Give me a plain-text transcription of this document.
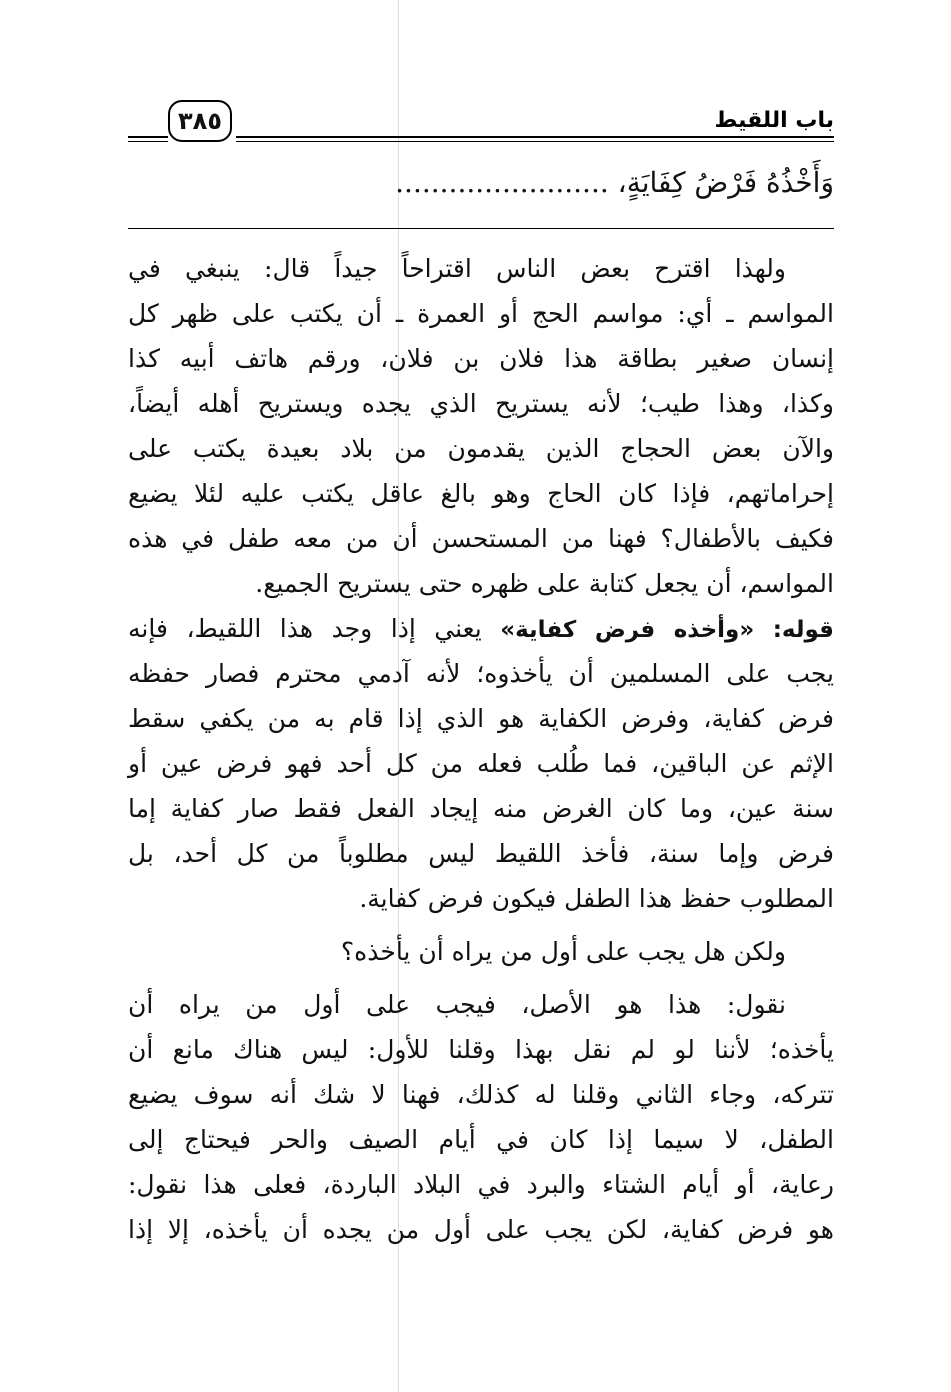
باب اللقيط
٣٨٥
وَأَخْذُهُ فَرْضُ كِفَايَةٍ، ........................
ولهذا اقترح بعض الناس اقتراحاً جيداً قال: ينبغي في
المواسم ـ أي: مواسم الحج أو العمرة ـ أن يكتب على ظهر كل
إنسان صغير بطاقة هذا فلان بن فلان، ورقم هاتف أبيه كذا
وكذا، وهذا طيب؛ لأنه يستريح الذي يجده ويستريح أهله أيضاً،
والآن بعض الحجاج الذين يقدمون من بلاد بعيدة يكتب على
إحراماتهم، فإذا كان الحاج وهو بالغ عاقل يكتب عليه لئلا يضيع
فكيف بالأطفال؟ فهنا من المستحسن أن من معه طفل في هذه
المواسم، أن يجعل كتابة على ظهره حتى يستريح الجميع.
قوله: «وأخذه فرض كفاية» يعني إذا وجد هذا اللقيط، فإنه
يجب على المسلمين أن يأخذوه؛ لأنه آدمي محترم فصار حفظه
فرض كفاية، وفرض الكفاية هو الذي إذا قام به من يكفي سقط
الإثم عن الباقين، فما طُلب فعله من كل أحد فهو فرض عين أو
سنة عين، وما كان الغرض منه إيجاد الفعل فقط صار كفاية إما
فرض وإما سنة، فأخذ اللقيط ليس مطلوباً من كل أحد، بل
المطلوب حفظ هذا الطفل فيكون فرض كفاية.
ولكن هل يجب على أول من يراه أن يأخذه؟
نقول: هذا هو الأصل، فيجب على أول من يراه أن
يأخذه؛ لأننا لو لم نقل بهذا وقلنا للأول: ليس هناك مانع أن
تتركه، وجاء الثاني وقلنا له كذلك، فهنا لا شك أنه سوف يضيع
الطفل، لا سيما إذا كان في أيام الصيف والحر فيحتاج إلى
رعاية، أو أيام الشتاء والبرد في البلاد الباردة، فعلى هذا نقول:
هو فرض كفاية، لكن يجب على أول من يجده أن يأخذه، إلا إذا
